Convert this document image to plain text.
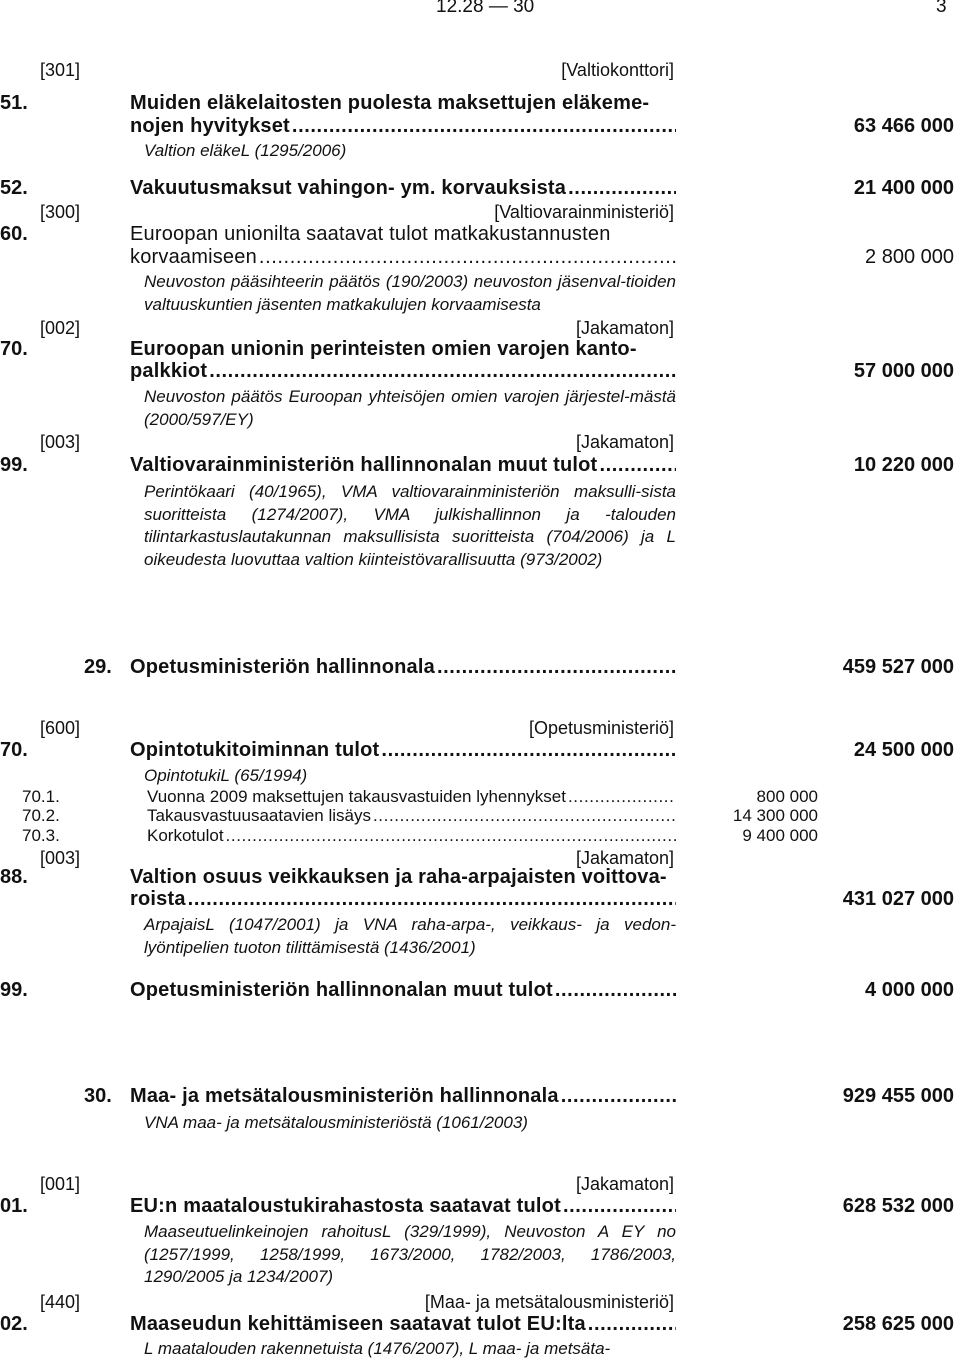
12.28 — 30	3
[301]	[Valtiokonttori]
51.	Muiden eläkelaitosten puolesta maksettujen eläkeme-
nojen hyvitykset .....	63 466 000
Valtion eläkeL (1295/2006)
52.	Vakuutusmaksut vahingon- ym. korvauksista .....	21 400 000
[300]	[Valtiovarainministeriö]
60.	Euroopan unionilta saatavat tulot matkakustannusten
korvaamiseen .....	2 800 000
Neuvoston pääsihteerin päätös (190/2003) neuvoston jäsenval-tioiden valtuuskuntien jäsenten matkakulujen korvaamisesta
[002]	[Jakamaton]
70.	Euroopan unionin perinteisten omien varojen kanto-
palkkiot .....	57 000 000
Neuvoston päätös Euroopan yhteisöjen omien varojen järjestel-mästä (2000/597/EY)
[003]	[Jakamaton]
99.	Valtiovarainministeriön hallinnonalan muut tulot .....	10 220 000
Perintökaari (40/1965), VMA valtiovarainministeriön maksulli-sista suoritteista (1274/2007), VMA julkishallinnon ja -talouden tilintarkastuslautakunnan maksullisista suoritteista (704/2006) ja L oikeudesta luovuttaa valtion kiinteistövarallisuutta (973/2002)
29. Opetusministeriön hallinnonala .....	459 527 000
[600]	[Opetusministeriö]
70.	Opintotukitoiminnan tulot .....	24 500 000
OpintotukiL (65/1994)
70.1.	Vuonna 2009 maksettujen takausvastuiden lyhennykset .....	800 000
70.2.	Takausvastuusaatavien lisäys .....	14 300 000
70.3.	Korkotulot .....	9 400 000
[003]	[Jakamaton]
88.	Valtion osuus veikkauksen ja raha-arpajaisten voittova-
roista .....	431 027 000
ArpajaisL (1047/2001) ja VNA raha-arpa-, veikkaus- ja vedon-lyöntipelien tuoton tilittämisestä (1436/2001)
99.	Opetusministeriön hallinnonalan muut tulot .....	4 000 000
30. Maa- ja metsätalousministeriön hallinnonala .....	929 455 000
VNA maa- ja metsätalousministeriöstä (1061/2003)
[001]	[Jakamaton]
01.	EU:n maataloustukirahastosta saatavat tulot .....	628 532 000
Maaseutuelinkeinojen rahoitusL (329/1999), Neuvoston A EY no (1257/1999, 1258/1999, 1673/2000, 1782/2003, 1786/2003, 1290/2005 ja 1234/2007)
[440]	[Maa- ja metsätalousministeriö]
02.	Maaseudun kehittämiseen saatavat tulot EU:lta .....	258 625 000
L maatalouden rakennetuista (1476/2007), L maa- ja metsäta-
